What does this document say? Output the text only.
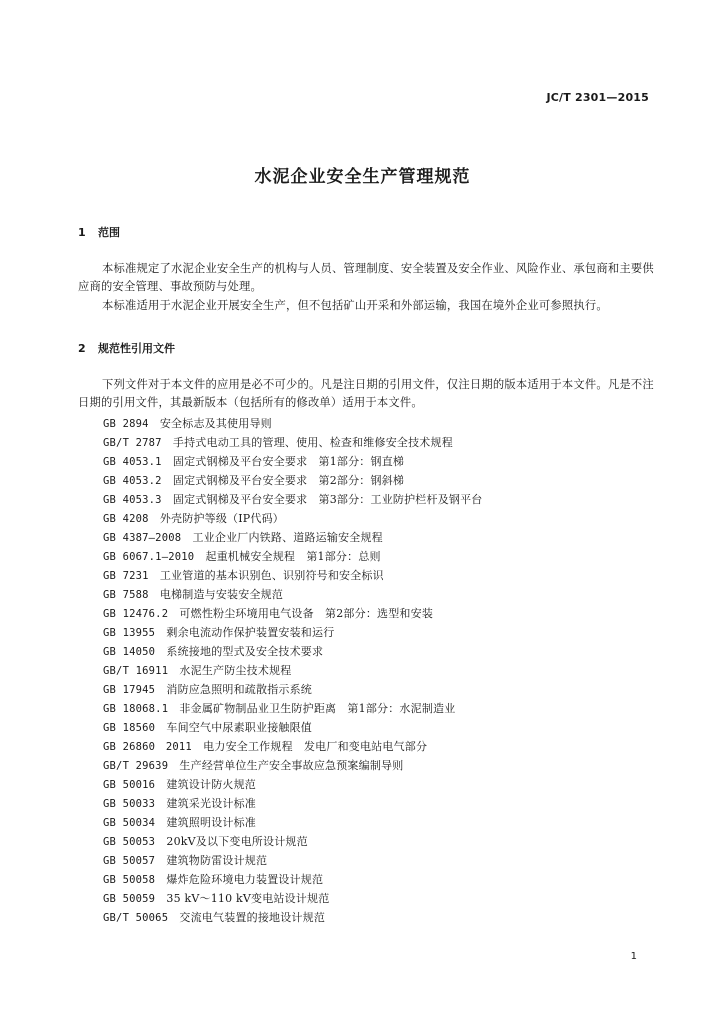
JC/T 2301—2015
水泥企业安全生产管理规范
1 范围

本标准规定了水泥企业安全生产的机构与人员、管理制度、安全装置及安全作业、风险作业、承包商和主要供应商的安全管理、事故预防与处理。

本标准适用于水泥企业开展安全生产，但不包括矿山开采和外部运输，我国在境外企业可参照执行。

2 规范性引用文件

下列文件对于本文件的应用是必不可少的。凡是注日期的引用文件，仅注日期的版本适用于本文件。凡是不注日期的引用文件，其最新版本（包括所有的修改单）适用于本文件。

GB 2894　 安全标志及其使用导则
GB/T 2787　 手持式电动工具的管理、使用、检查和维修安全技术规程
GB 4053.1　 固定式钢梯及平台安全要求　第1部分：钢直梯
GB 4053.2　 固定式钢梯及平台安全要求　第2部分：钢斜梯
GB 4053.3　 固定式钢梯及平台安全要求　第3部分：工业防护栏杆及钢平台
GB 4208　 外壳防护等级（IP代码）
GB 4387—2008　 工业企业厂内铁路、道路运输安全规程
GB 6067.1—2010　 起重机械安全规程　第1部分：总则
GB 7231　 工业管道的基本识别色、识别符号和安全标识
GB 7588　 电梯制造与安装安全规范
GB 12476.2　 可燃性粉尘环境用电气设备　第2部分：选型和安装
GB 13955　 剩余电流动作保护装置安装和运行
GB 14050　 系统接地的型式及安全技术要求
GB/T 16911　 水泥生产防尘技术规程
GB 17945　 消防应急照明和疏散指示系统
GB 18068.1　 非金属矿物制品业卫生防护距离　第1部分：水泥制造业
GB 18560　 车间空气中尿素职业接触限值
GB 26860　2011　 电力安全工作规程　发电厂和变电站电气部分
GB/T 29639　 生产经营单位生产安全事故应急预案编制导则
GB 50016　 建筑设计防火规范
GB 50033　 建筑采光设计标准
GB 50034　 建筑照明设计标准
GB 50053　 20kV及以下变电所设计规范
GB 50057　 建筑物防雷设计规范
GB 50058　 爆炸危险环境电力装置设计规范
GB 50059　 35 kV～110 kV变电站设计规范
GB/T 50065　 交流电气装置的接地设计规范
1
